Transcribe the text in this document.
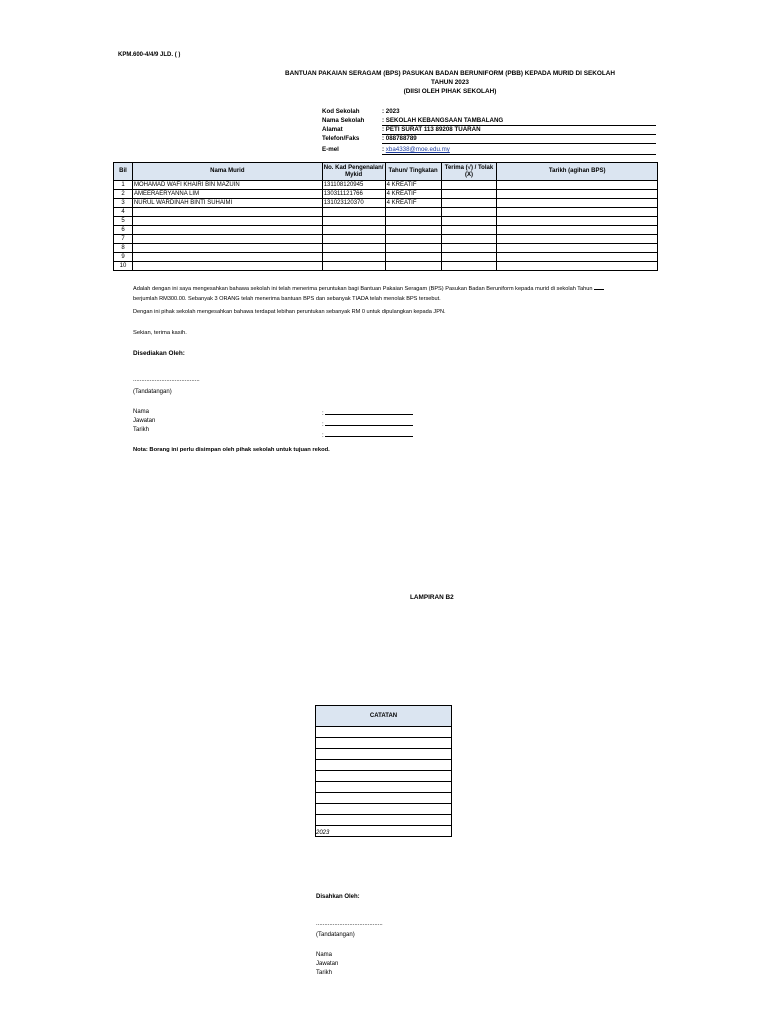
KPM.600-4/4/9 JLD. ( )
BANTUAN PAKAIAN SERAGAM (BPS) PASUKAN BADAN BERUNIFORM (PBB) KEPADA MURID DI SEKOLAH
TAHUN 2023
(DIISI OLEH PIHAK SEKOLAH)
Kod Sekolah	: 2023
Nama Sekolah	: SEKOLAH KEBANGSAAN TAMBALANG
Alamat	: PETI SURAT 113 89208 TUARAN
Telefon/Faks	: 088788789
E-mel	: xba4338@moe.edu.my
Bil	Nama Murid	No. Kad Pengenalan/ Mykid	Tahun/ Tingkatan	Terima (√) / Tolak (X)	Tarikh (agihan BPS)
1	MOHAMAD WAFI KHAIRI BIN MAZUIN	131108120945	4 KREATIF		
2	AMEERAERYANNA LIM	130311121766	4 KREATIF		
3	NURUL WARDINAH BINTI SUHAIMI	131023120370	4 KREATIF		
4					
5					
6					
7					
8					
9					
10					
Adalah dengan ini saya mengesahkan bahawa sekolah ini telah menerima peruntukan bagi Bantuan Pakaian Seragam (BPS) Pasukan Badan Beruniform kepada murid di sekolah Tahun
berjumlah RM300.00. Sebanyak 3 ORANG telah menerima bantuan BPS dan sebanyak TIADA telah menolak BPS tersebut.
Dengan ini pihak sekolah mengesahkan bahawa terdapat lebihan peruntukan sebanyak RM 0 untuk dipulangkan kepada JPN.
Sekian, terima kasih.
Disediakan Oleh:
........................................
(Tandatangan)
Nama
Jawatan
Tarikh
:
:
:
Nota: Borang ini perlu disimpan oleh pihak sekolah untuk tujuan rekod.
LAMPIRAN B2
CATATAN

2023
Disahkan Oleh:
........................................
(Tandatangan)
Nama
Jawatan
Tarikh
